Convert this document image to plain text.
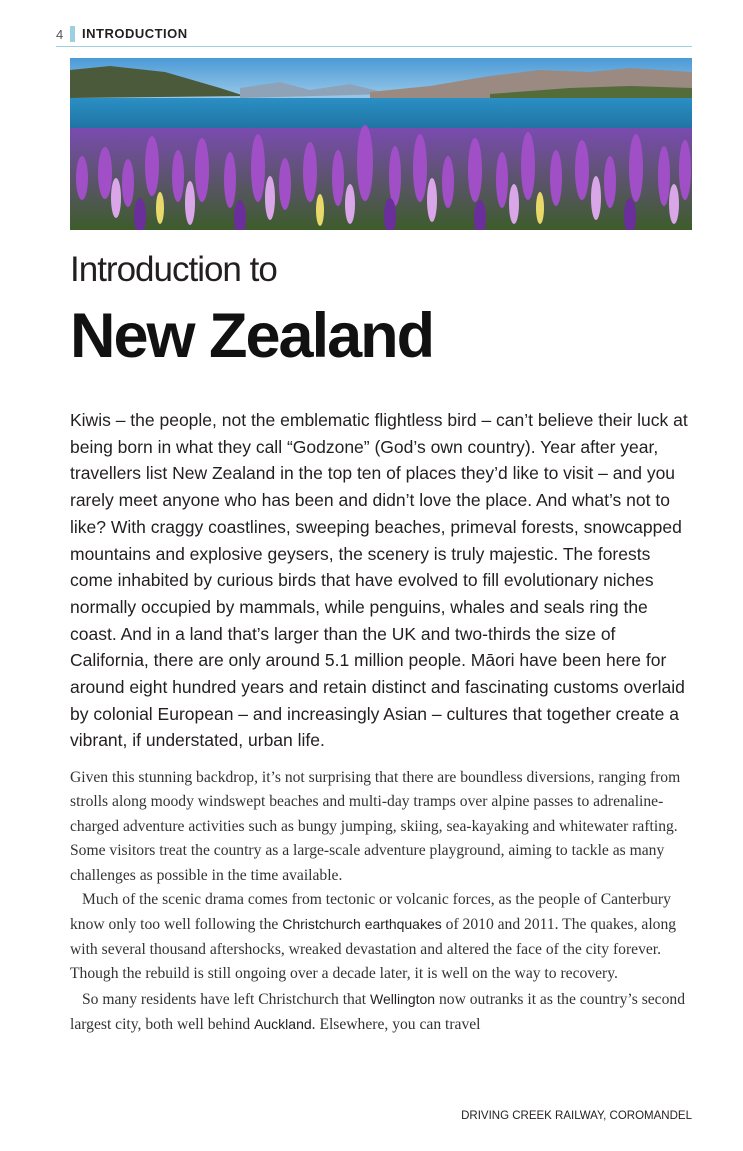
4 INTRODUCTION
Introduction to
New Zealand

Kiwis – the people, not the emblematic flightless bird – can’t believe their luck at being born in what they call “Godzone” (God’s own country). Year after year, travellers list New Zealand in the top ten of places they’d like to visit – and you rarely meet anyone who has been and didn’t love the place. And what’s not to like? With craggy coastlines, sweeping beaches, primeval forests, snowcapped mountains and explosive geysers, the scenery is truly majestic. The forests come inhabited by curious birds that have evolved to fill evolutionary niches normally occupied by mammals, while penguins, whales and seals ring the coast. And in a land that’s larger than the UK and two-thirds the size of California, there are only around 5.1 million people. Māori have been here for around eight hundred years and retain distinct and fascinating customs overlaid by colonial European – and increasingly Asian – cultures that together create a vibrant, if understated, urban life.

Given this stunning backdrop, it’s not surprising that there are boundless diversions, ranging from strolls along moody windswept beaches and multi-day tramps over alpine passes to adrenaline-charged adventure activities such as bungy jumping, skiing, sea-kayaking and whitewater rafting. Some visitors treat the country as a large-scale adventure playground, aiming to tackle as many challenges as possible in the time available.

Much of the scenic drama comes from tectonic or volcanic forces, as the people of Canterbury know only too well following the Christchurch earthquakes of 2010 and 2011. The quakes, along with several thousand aftershocks, wreaked devastation and altered the face of the city forever. Though the rebuild is still ongoing over a decade later, it is well on the way to recovery.

So many residents have left Christchurch that Wellington now outranks it as the country’s second largest city, both well behind Auckland. Elsewhere, you can travel

DRIVING CREEK RAILWAY, COROMANDEL
